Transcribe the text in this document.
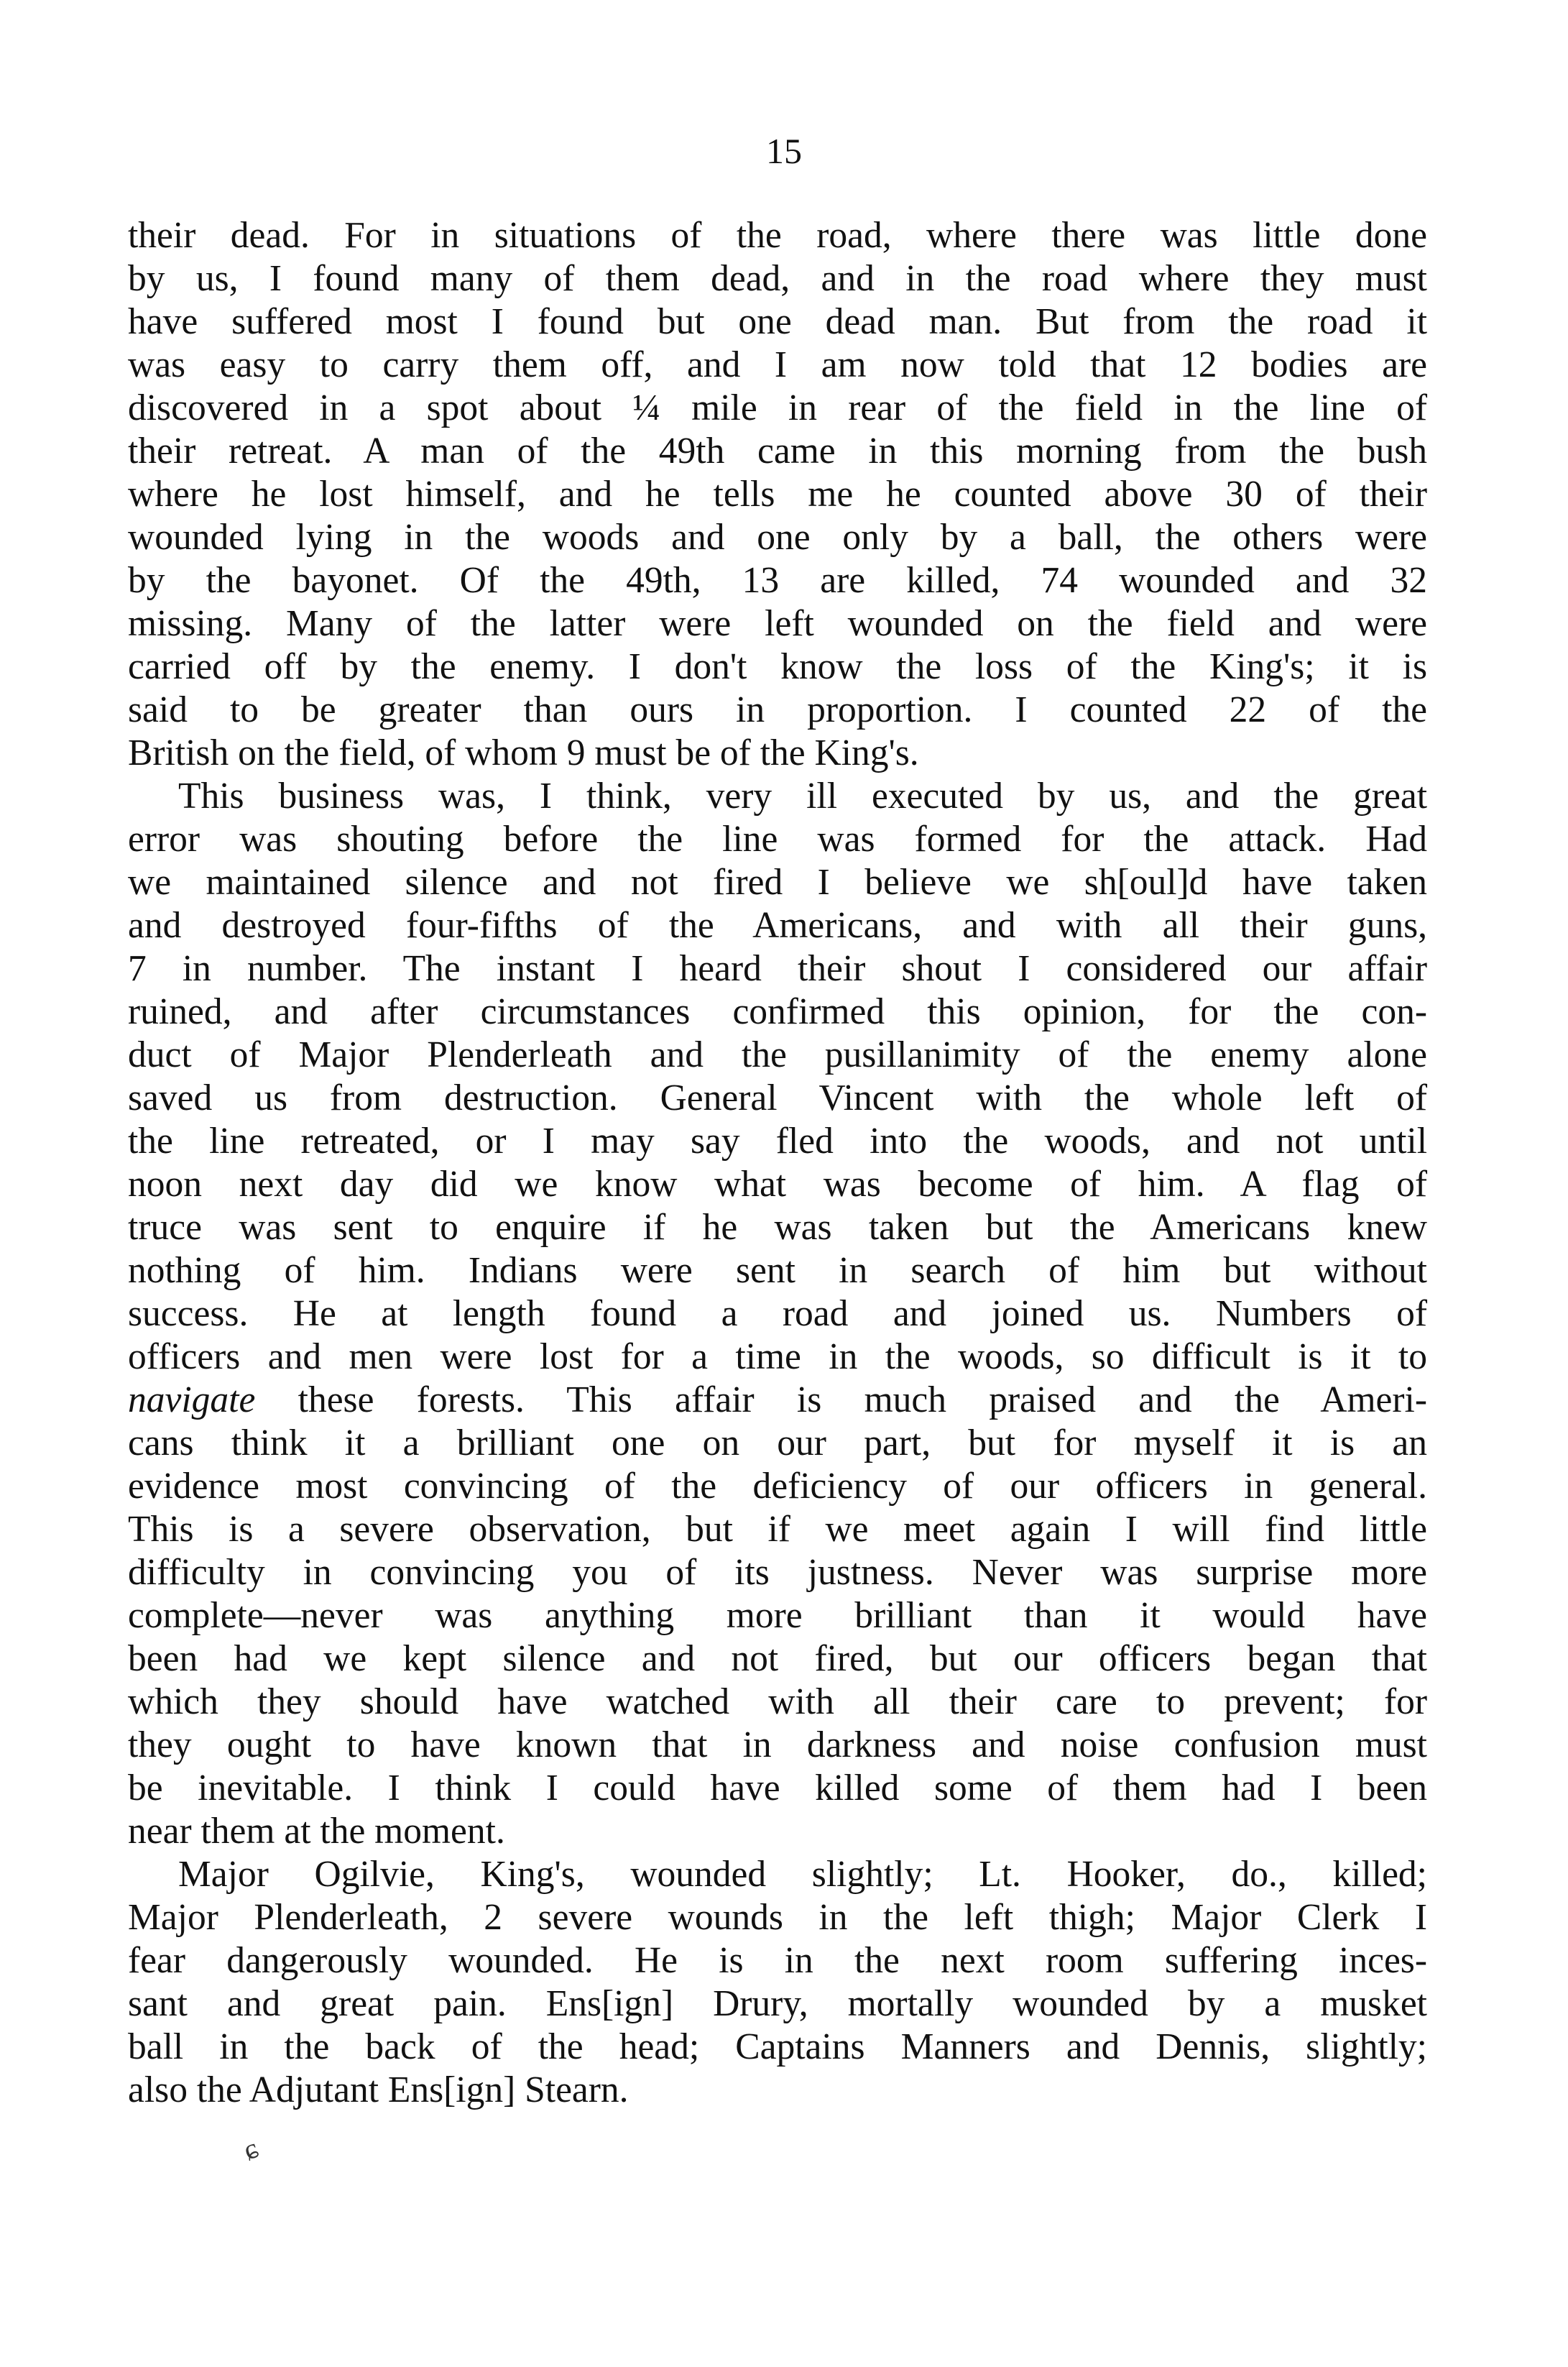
15
their dead. For in situations of the road, where there was little done
by us, I found many of them dead, and in the road where they must
have suffered most I found but one dead man. But from the road it
was easy to carry them off, and I am now told that 12 bodies are
discovered in a spot about ¼ mile in rear of the field in the line of
their retreat. A man of the 49th came in this morning from the bush
where he lost himself, and he tells me he counted above 30 of their
wounded lying in the woods and one only by a ball, the others were
by the bayonet. Of the 49th, 13 are killed, 74 wounded and 32
missing. Many of the latter were left wounded on the field and were
carried off by the enemy. I don't know the loss of the King's; it is
said to be greater than ours in proportion. I counted 22 of the
British on the field, of whom 9 must be of the King's.
This business was, I think, very ill executed by us, and the great
error was shouting before the line was formed for the attack. Had
we maintained silence and not fired I believe we sh[oul]d have taken
and destroyed four-fifths of the Americans, and with all their guns,
7 in number. The instant I heard their shout I considered our affair
ruined, and after circumstances confirmed this opinion, for the con-
duct of Major Plenderleath and the pusillanimity of the enemy alone
saved us from destruction. General Vincent with the whole left of
the line retreated, or I may say fled into the woods, and not until
noon next day did we know what was become of him. A flag of
truce was sent to enquire if he was taken but the Americans knew
nothing of him. Indians were sent in search of him but without
success. He at length found a road and joined us. Numbers of
officers and men were lost for a time in the woods, so difficult is it to
navigate these forests. This affair is much praised and the Ameri-
cans think it a brilliant one on our part, but for myself it is an
evidence most convincing of the deficiency of our officers in general.
This is a severe observation, but if we meet again I will find little
difficulty in convincing you of its justness. Never was surprise more
complete—never was anything more brilliant than it would have
been had we kept silence and not fired, but our officers began that
which they should have watched with all their care to prevent; for
they ought to have known that in darkness and noise confusion must
be inevitable. I think I could have killed some of them had I been
near them at the moment.
Major Ogilvie, King's, wounded slightly; Lt. Hooker, do., killed;
Major Plenderleath, 2 severe wounds in the left thigh; Major Clerk I
fear dangerously wounded. He is in the next room suffering inces-
sant and great pain. Ens[ign] Drury, mortally wounded by a musket
ball in the back of the head; Captains Manners and Dennis, slightly;
also the Adjutant Ens[ign] Stearn.
ɕ
